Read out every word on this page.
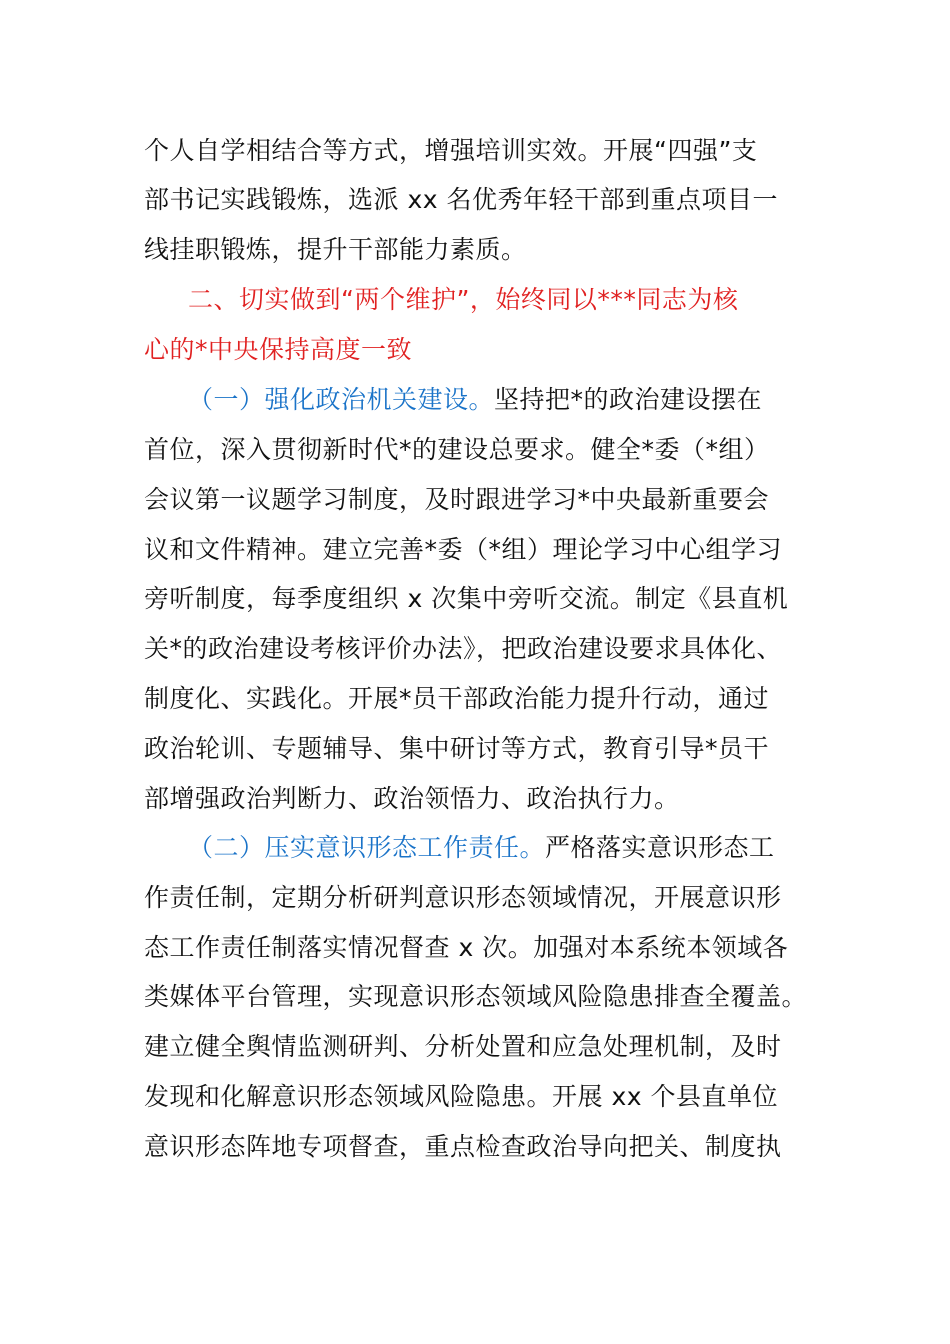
个人自学相结合等方式，增强培训实效。开展“四强”支
部书记实践锻炼，选派 xx 名优秀年轻干部到重点项目一
线挂职锻炼，提升干部能力素质。
二、切实做到“两个维护”，始终同以***同志为核
心的*中央保持高度一致
（一）强化政治机关建设。坚持把*的政治建设摆在
首位，深入贯彻新时代*的建设总要求。健全*委（*组）
会议第一议题学习制度，及时跟进学习*中央最新重要会
议和文件精神。建立完善*委（*组）理论学习中心组学习
旁听制度，每季度组织 x 次集中旁听交流。制定《县直机
关*的政治建设考核评价办法》，把政治建设要求具体化、
制度化、实践化。开展*员干部政治能力提升行动，通过
政治轮训、专题辅导、集中研讨等方式，教育引导*员干
部增强政治判断力、政治领悟力、政治执行力。
（二）压实意识形态工作责任。严格落实意识形态工
作责任制，定期分析研判意识形态领域情况，开展意识形
态工作责任制落实情况督查 x 次。加强对本系统本领域各
类媒体平台管理，实现意识形态领域风险隐患排查全覆盖。
建立健全舆情监测研判、分析处置和应急处理机制，及时
发现和化解意识形态领域风险隐患。开展 xx 个县直单位
意识形态阵地专项督查，重点检查政治导向把关、制度执
